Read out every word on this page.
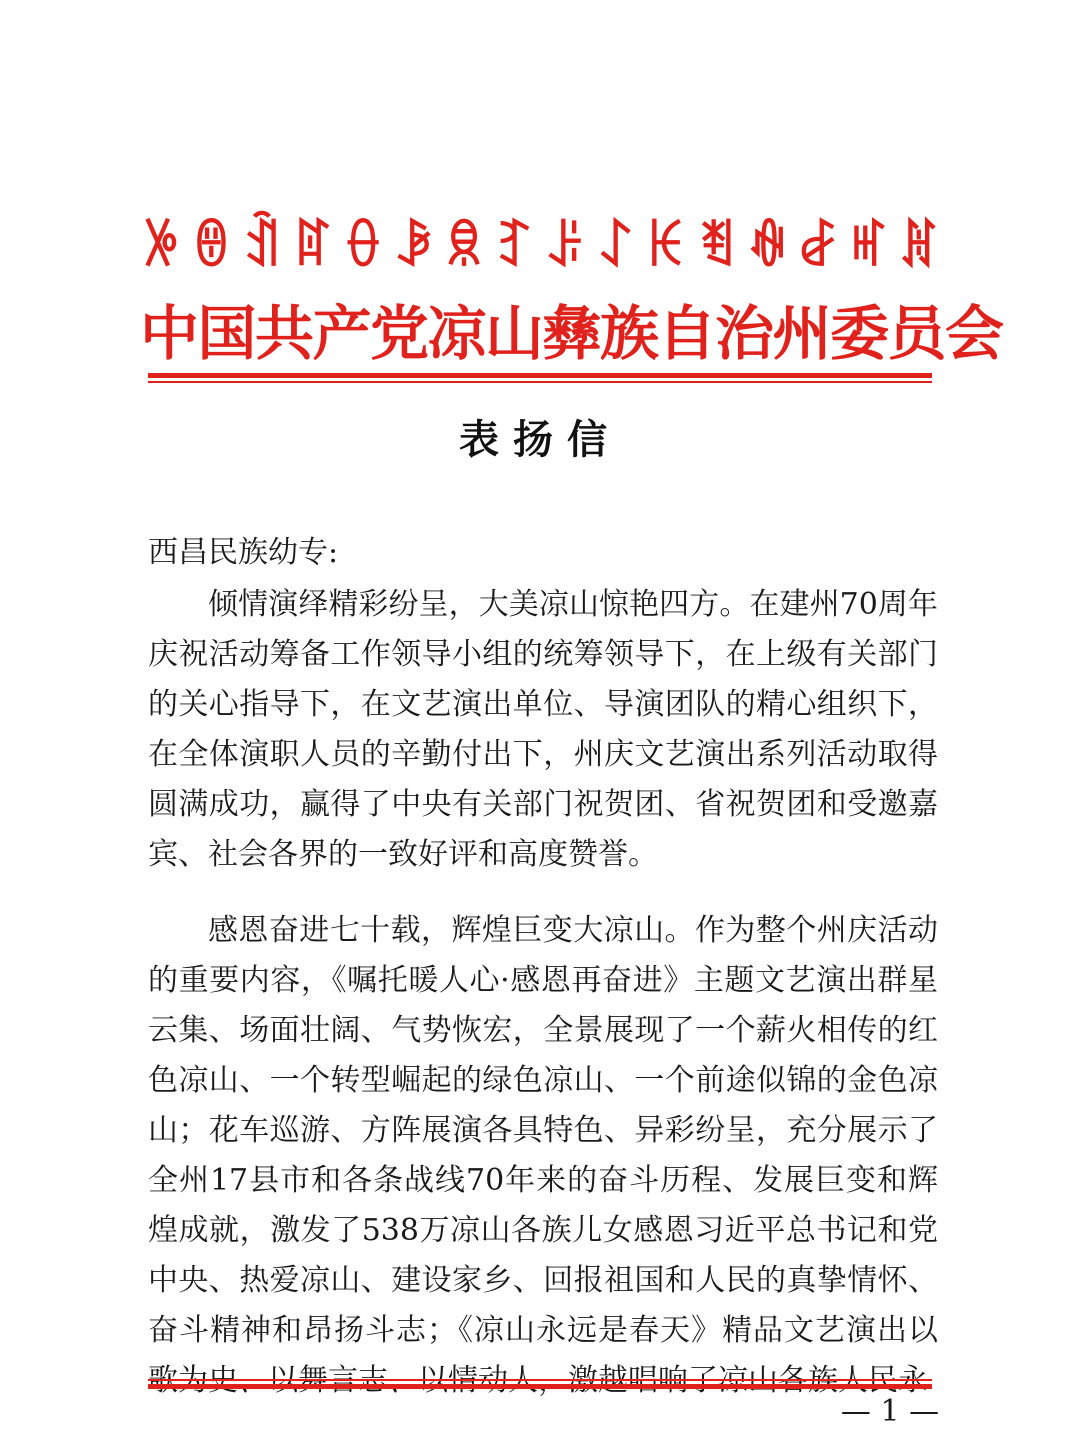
ꉼ ꇩ ꀉ ꍏ ꂷ ꆃ ꌋ ꆈ ꌠ ꋍ ꀘ ꄮ ꊿ ꆀ ꎭ ꍩ
中国共产党凉山彝族自治州委员会
表扬信
西昌民族幼专:
倾情演绎精彩纷呈，大美凉山惊艳四方。在建州70周年庆祝活动筹备工作领导小组的统筹领导下，在上级有关部门的关心指导下，在文艺演出单位、导演团队的精心组织下，在全体演职人员的辛勤付出下，州庆文艺演出系列活动取得圆满成功，赢得了中央有关部门祝贺团、省祝贺团和受邀嘉宾、社会各界的一致好评和高度赞誉。
感恩奋进七十载，辉煌巨变大凉山。作为整个州庆活动的重要内容，《嘱托暖人心·感恩再奋进》主题文艺演出群星云集、场面壮阔、气势恢宏，全景展现了一个薪火相传的红色凉山、一个转型崛起的绿色凉山、一个前途似锦的金色凉山；花车巡游、方阵展演各具特色、异彩纷呈，充分展示了全州17县市和各条战线70年来的奋斗历程、发展巨变和辉煌成就，激发了538万凉山各族儿女感恩习近平总书记和党中央、热爱凉山、建设家乡、回报祖国和人民的真挚情怀、奋斗精神和昂扬斗志；《凉山永远是春天》精品文艺演出以
— 1 —
